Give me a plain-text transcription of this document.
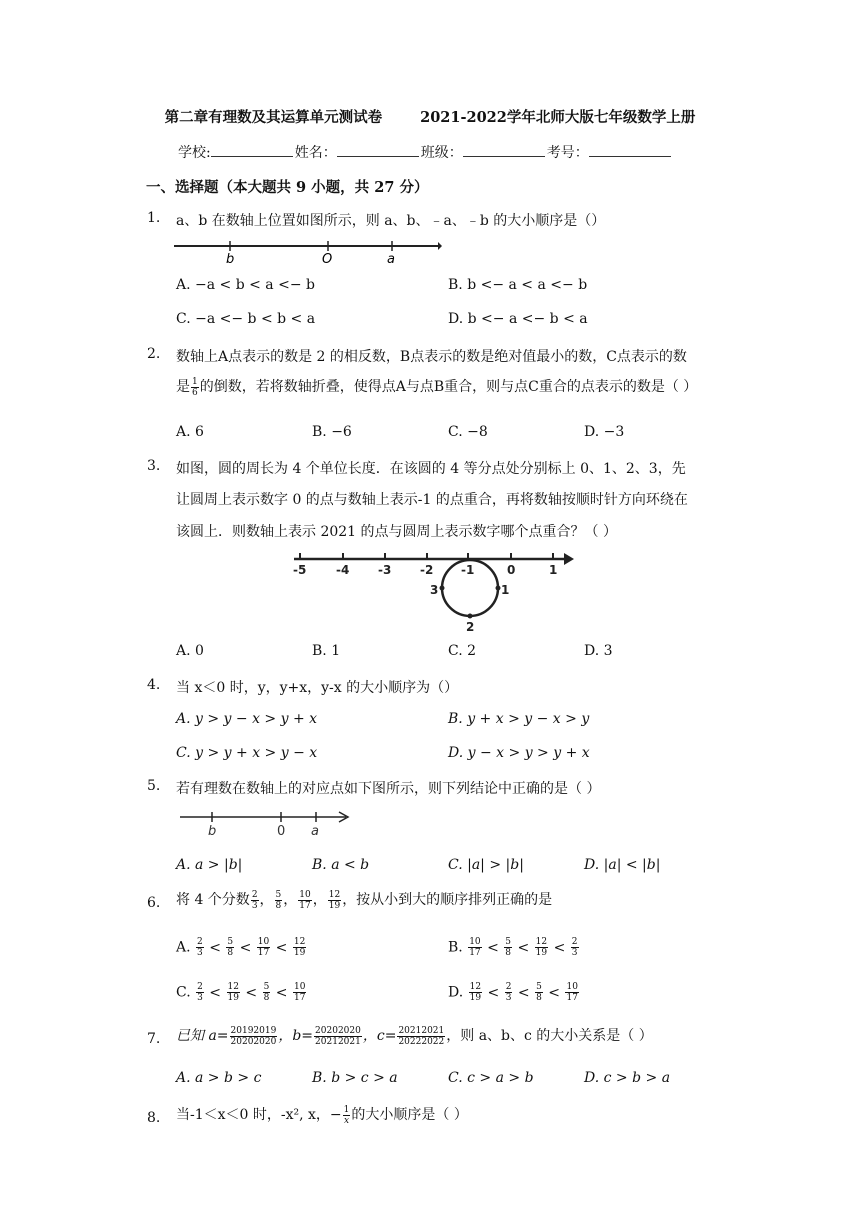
第二章有理数及其运算单元测试卷	2021-2022学年北师大版七年级数学上册
学校:	姓名：	班级：	考号：
一、选择题（本大题共 9 小题，共 27 分）
1. a、b 在数轴上位置如图所示，则 a、b、﹣a、﹣b 的大小顺序是（）
b	O	a
A. −a < b < a <− b	B. b <− a < a <− b
C. −a <− b < b < a	D. b <− a <− b < a
2. 数轴上A点表示的数是 2 的相反数，B点表示的数是绝对值最小的数，C点表示的数
是 $\frac{1}{6}$ 的倒数，若将数轴折叠，使得点A与点B重合，则与点C重合的点表示的数是（ ）
A. 6	B. −6	C. −8	D. −3
3. 如图，圆的周长为 4 个单位长度．在该圆的 4 等分点处分别标上 0、1、2、3，先
让圆周上表示数字 0 的点与数轴上表示-1 的点重合，再将数轴按顺时针方向环绕在
该圆上．则数轴上表示 2021 的点与圆周上表示数字哪个点重合？（ ）
-5 -4 -3 -2 -1	0	1
3	1
2
A. 0	B. 1	C. 2	D. 3
4. 当 x＜0 时，y，y+x，y-x 的大小顺序为（）
A. y > y − x > y + x	B. y + x > y − x > y
C. y > y + x > y − x	D. y − x > y > y + x
5. 若有理数在数轴上的对应点如下图所示，则下列结论中正确的是（ ）
b	0 a
A. a > |b|	B. a < b	C. |a| > |b|	D. |a| < |b|
6. 将 4 个分数 $\frac{2}{3}$ ， $\frac{5}{8}$ ， $\frac{10}{17}$ ， $\frac{12}{19}$ ，按从小到大的顺序排列正确的是
A. $\frac{2}{3} < \frac{5}{8} < \frac{10}{17} < \frac{12}{19}$	B. $\frac{10}{17} < \frac{5}{8} < \frac{12}{19} < \frac{2}{3}$
C. $\frac{2}{3} < \frac{12}{19} < \frac{5}{8} < \frac{10}{17}$	D. $\frac{12}{19} < \frac{2}{3} < \frac{5}{8} < \frac{10}{17}$
7. 已知 $a= \frac{20192019}{20202020}$ ，$b= \frac{20202020}{20212021}$ ，$c= \frac{20212021}{20222022}$ ，则 a、b、c 的大小关系是（ ）
A. a > b > c	B. b > c > a	C. c > a > b	D. c > b > a
8. 当-1＜x＜0 时，-x², x，− $\frac{1}{x}$ 的大小顺序是（ ）
